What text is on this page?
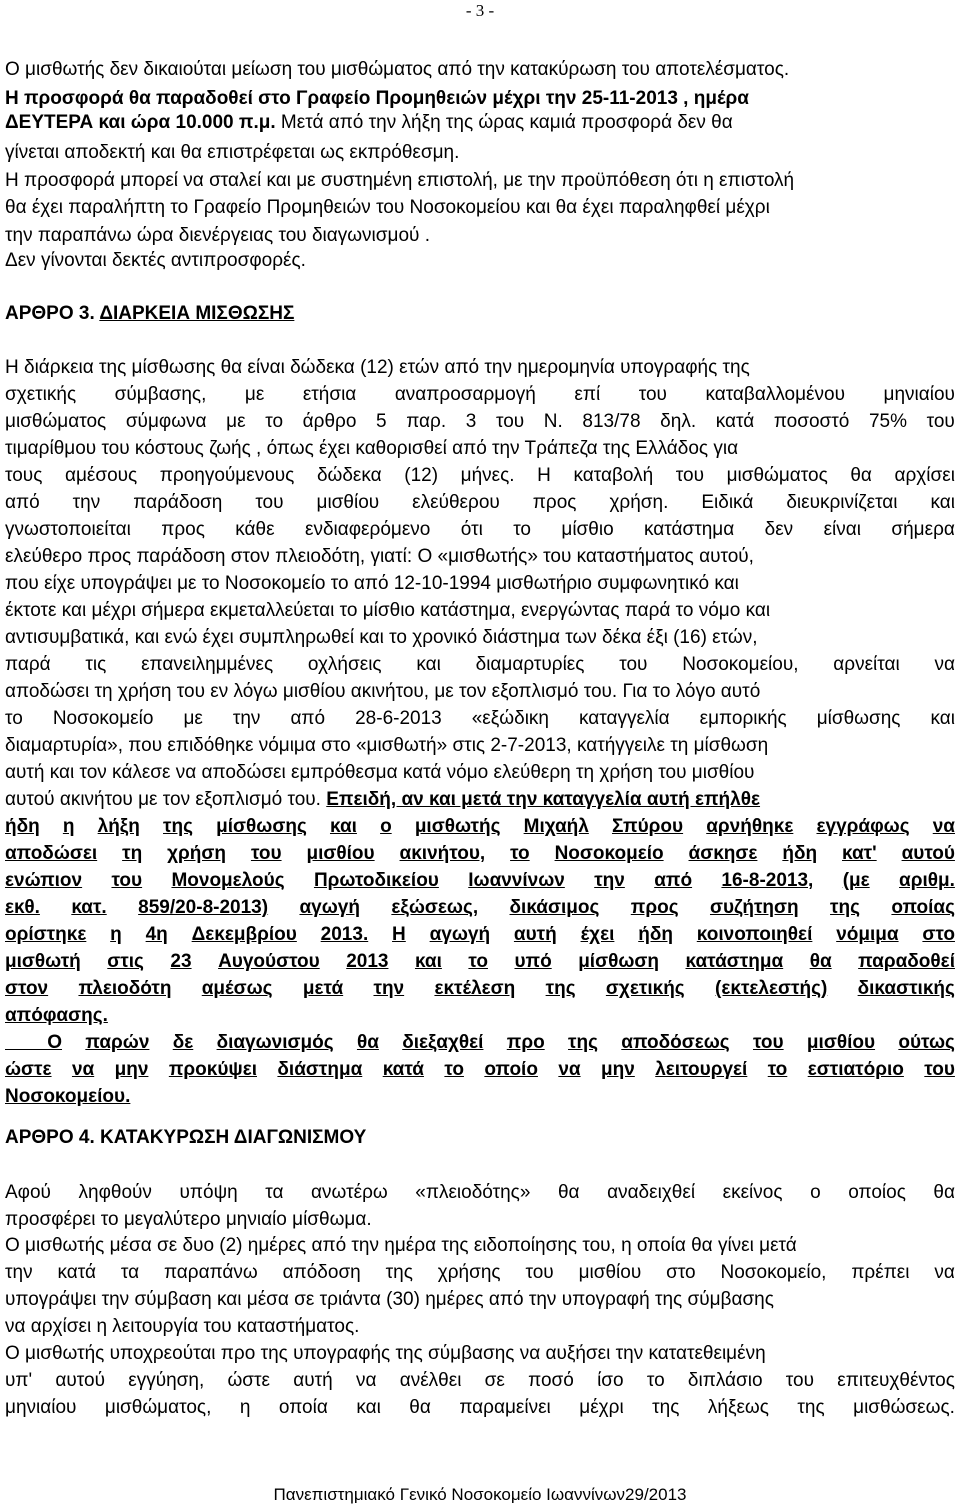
- 3 -
Ο μισθωτής δεν δικαιούται μείωση του μισθώματος από την κατακύρωση του αποτελέσματος.
Η προσφορά θα παραδοθεί στο Γραφείο Προμηθειών μέχρι την 25-11-2013 , ημέρα
ΔΕΥΤΕΡΑ και ώρα 10.000 π.μ. Μετά από την λήξη της ώρας καμιά προσφορά δεν θα
γίνεται αποδεκτή και θα επιστρέφεται ως εκπρόθεσμη.
Η προσφορά μπορεί να σταλεί και με συστημένη επιστολή, με την προϋπόθεση ότι η επιστολή
θα έχει παραλήπτη το Γραφείο Προμηθειών του Νοσοκομείου και θα έχει παραληφθεί μέχρι
την παραπάνω ώρα διενέργειας του διαγωνισμού .
Δεν γίνονται δεκτές αντιπροσφορές.
ΑΡΘΡΟ 3. ΔΙΑΡΚΕΙΑ ΜΙΣΘΩΣΗΣ
Η διάρκεια της μίσθωσης θα είναι δώδεκα (12) ετών από την ημερομηνία υπογραφής της
σχετικής σύμβασης, με ετήσια αναπροσαρμογή επί του καταβαλλομένου μηνιαίου
μισθώματος σύμφωνα με το άρθρο 5 παρ. 3 του Ν. 813/78 δηλ. κατά ποσοστό 75% του
τιμαρίθμου του κόστους ζωής , όπως έχει καθορισθεί από την Τράπεζα της Ελλάδος για
τους αμέσους προηγούμενους δώδεκα (12) μήνες. Η καταβολή του μισθώματος θα αρχίσει
από την παράδοση του μισθίου ελεύθερου προς χρήση. Ειδικά διευκρινίζεται και
γνωστοποιείται προς κάθε ενδιαφερόμενο ότι το μίσθιο κατάστημα δεν είναι σήμερα
ελεύθερο προς παράδοση στον πλειοδότη, γιατί: Ο «μισθωτής» του καταστήματος αυτού,
που είχε υπογράψει με το Νοσοκομείο το από 12-10-1994 μισθωτήριο συμφωνητικό και
έκτοτε και μέχρι σήμερα εκμεταλλεύεται το μίσθιο κατάστημα, ενεργώντας παρά το νόμο και
αντισυμβατικά, και ενώ έχει συμπληρωθεί και το χρονικό διάστημα των δέκα έξι (16) ετών,
παρά τις επανειλημμένες οχλήσεις και διαμαρτυρίες του Νοσοκομείου, αρνείται να
αποδώσει τη χρήση του εν λόγω μισθίου ακινήτου, με τον εξοπλισμό του. Για το λόγο αυτό
το Νοσοκομείο με την από 28-6-2013 «εξώδικη καταγγελία εμπορικής μίσθωσης και
διαμαρτυρία», που επιδόθηκε νόμιμα στο «μισθωτή» στις 2-7-2013, κατήγγειλε τη μίσθωση
αυτή και τον κάλεσε να αποδώσει εμπρόθεσμα κατά νόμο ελεύθερη τη χρήση του μισθίου
αυτού ακινήτου με τον εξοπλισμό του. Επειδή, αν και μετά την καταγγελία αυτή επήλθε
ήδη η λήξη της μίσθωσης και ο μισθωτής Μιχαήλ Σπύρου αρνήθηκε εγγράφως να
αποδώσει τη χρήση του μισθίου ακινήτου, το Νοσοκομείο άσκησε ήδη κατ' αυτού
ενώπιον του Μονομελούς Πρωτοδικείου Ιωαννίνων την από 16-8-2013, (με αριθμ.
εκθ. κατ. 859/20-8-2013) αγωγή εξώσεως, δικάσιμος προς συζήτηση της οποίας
ορίστηκε η 4η Δεκεμβρίου 2013. Η αγωγή αυτή έχει ήδη κοινοποιηθεί νόμιμα στο
μισθωτή στις 23 Αυγούστου 2013 και το υπό μίσθωση κατάστημα θα παραδοθεί
στον πλειοδότη αμέσως μετά την εκτέλεση της σχετικής (εκτελεστής) δικαστικής
απόφασης.
Ο παρών δε διαγωνισμός θα διεξαχθεί προ της αποδόσεως του μισθίου ούτως
ώστε να μην προκύψει διάστημα κατά το οποίο να μην λειτουργεί το εστιατόριο του
Νοσοκομείου.
ΑΡΘΡΟ 4. ΚΑΤΑΚΥΡΩΣΗ ΔΙΑΓΩΝΙΣΜΟΥ
Αφού ληφθούν υπόψη τα ανωτέρω «πλειοδότης» θα αναδειχθεί εκείνος ο οποίος θα
προσφέρει το μεγαλύτερο μηνιαίο μίσθωμα.
Ο μισθωτής μέσα σε δυο (2) ημέρες από την ημέρα της ειδοποίησης του, η οποία θα γίνει μετά
την κατά τα παραπάνω απόδοση της χρήσης του μισθίου στο Νοσοκομείο, πρέπει να
υπογράψει την σύμβαση και μέσα σε τριάντα (30) ημέρες από την υπογραφή της σύμβασης
να αρχίσει η λειτουργία του καταστήματος.
Ο μισθωτής υποχρεούται προ της υπογραφής της σύμβασης να αυξήσει την κατατεθειμένη
υπ' αυτού εγγύηση, ώστε αυτή να ανέλθει σε ποσό ίσο το διπλάσιο του επιτευχθέντος
μηνιαίου μισθώματος, η οποία και θα παραμείνει μέχρι της λήξεως της μισθώσεως.
Πανεπιστημιακό Γενικό Νοσοκομείο Ιωαννίνων29/2013
